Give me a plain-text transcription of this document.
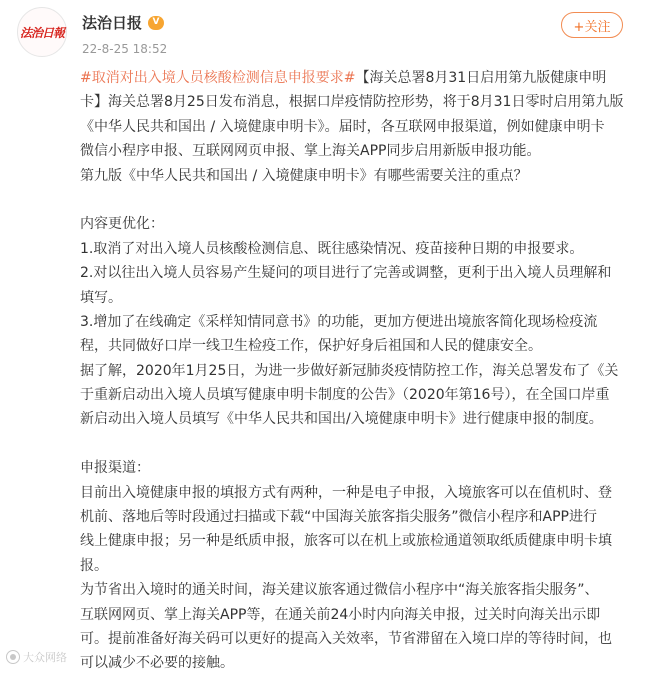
法治日報
法治日报 V
22-8-25 18:52
+关注
#取消对出入境人员核酸检测信息申报要求#【海关总署8月31日启用第九版健康申明
卡】海关总署8月25日发布消息，根据口岸疫情防控形势，将于8月31日零时启用第九版
《中华人民共和国出 / 入境健康申明卡》。届时，各互联网申报渠道，例如健康申明卡
微信小程序申报、互联网网页申报、掌上海关APP同步启用新版申报功能。
第九版《中华人民共和国出 / 入境健康申明卡》有哪些需要关注的重点？
内容更优化：
1.取消了对出入境人员核酸检测信息、既往感染情况、疫苗接种日期的申报要求。
2.对以往出入境人员容易产生疑问的项目进行了完善或调整，更利于出入境人员理解和
填写。
3.增加了在线确定《采样知情同意书》的功能，更加方便进出境旅客简化现场检疫流
程，共同做好口岸一线卫生检疫工作，保护好身后祖国和人民的健康安全。
据了解，2020年1月25日，为进一步做好新冠肺炎疫情防控工作，海关总署发布了《关
于重新启动出入境人员填写健康申明卡制度的公告》（2020年第16号），在全国口岸重
新启动出入境人员填写《中华人民共和国出/入境健康申明卡》进行健康申报的制度。
申报渠道：
目前出入境健康申报的填报方式有两种，一种是电子申报，入境旅客可以在值机时、登
机前、落地后等时段通过扫描或下载“中国海关旅客指尖服务”微信小程序和APP进行
线上健康申报；另一种是纸质申报，旅客可以在机上或旅检通道领取纸质健康申明卡填
报。
为节省出入境时的通关时间，海关建议旅客通过微信小程序中“海关旅客指尖服务”、
互联网网页、掌上海关APP等，在通关前24小时内向海关申报，过关时向海关出示即
可。提前准备好海关码可以更好的提高入关效率，节省滞留在入境口岸的等待时间，也
可以减少不必要的接触。
大众网络
